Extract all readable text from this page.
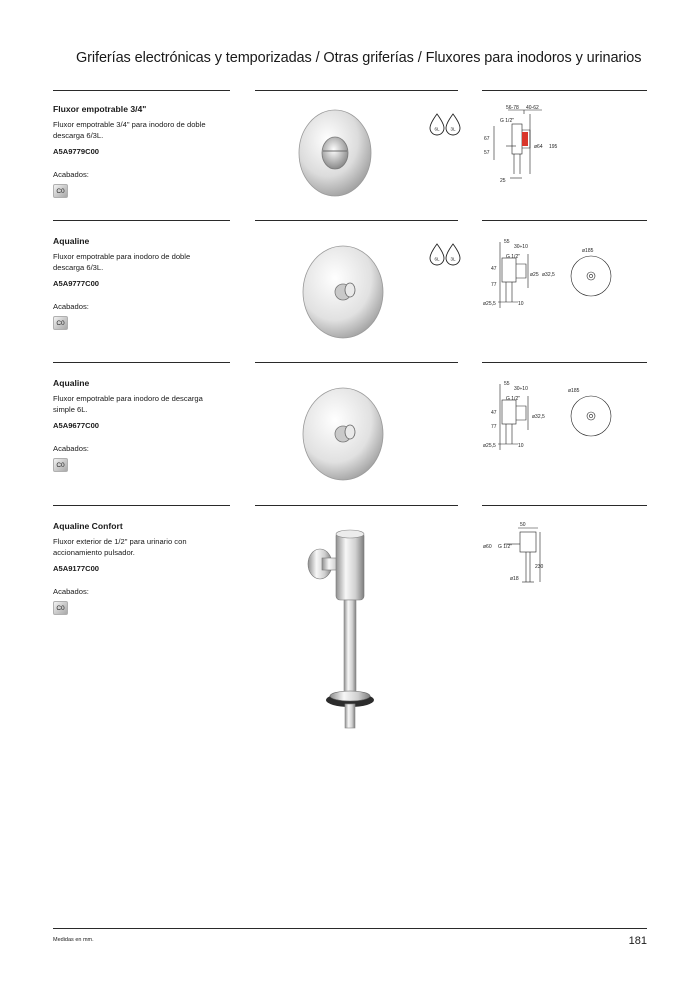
Griferías electrónicas y temporizadas / Otras griferías / Fluxores para inodoros y urinarios
Fluxor empotrable 3/4"
Fluxor empotrable 3/4" para inodoro de doble descarga 6/3L.
A5A9779C00
Acabados:
C0
6L 3L
56-78 40-62
G 1/2"
67
57
ø64 195
25
Aqualine
Fluxor empotrable para inodoro de doble descarga 6/3L.
A5A9777C00
Acabados:
C0
6L 3L
55
30÷10
G 1/2"
47
77
ø25 ø32,5
ø25,5	10
ø185
Aqualine
Fluxor empotrable para inodoro de descarga simple 6L.
A5A9677C00
Acabados:
C0
55
30÷10
G 1/2"
47
77
ø32,5
ø25,5	10
ø185
Aqualine Confort
Fluxor exterior de 1/2" para urinario con accionamiento pulsador.
A5A9177C00
Acabados:
C0
50
ø60 G 1/2"
230
ø18
Medidas en mm.	181
